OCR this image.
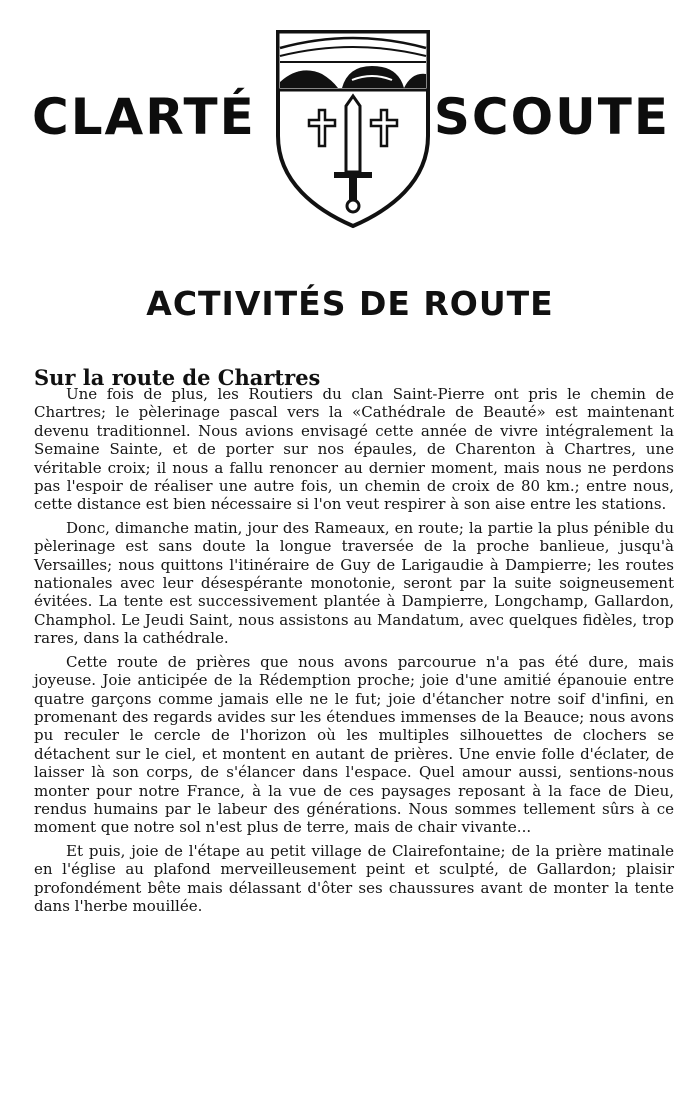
CLARTÉ	SCOUTE
ACTIVITÉS DE ROUTE
Sur la route de Chartres

Une fois de plus, les Routiers du clan Saint-Pierre ont pris le chemin de Chartres; le pèlerinage pascal vers la «Cathédrale de Beauté» est maintenant devenu traditionnel. Nous avions envisagé cette année de vivre intégralement la Semaine Sainte, et de porter sur nos épaules, de Charenton à Chartres, une véritable croix; il nous a fallu renoncer au dernier moment, mais nous ne perdons pas l'espoir de réaliser une autre fois, un chemin de croix de 80 km.; entre nous, cette distance est bien nécessaire si l'on veut respirer à son aise entre les stations.

Donc, dimanche matin, jour des Rameaux, en route; la partie la plus pénible du pèlerinage est sans doute la longue traversée de la proche banlieue, jusqu'à Versailles; nous quittons l'itinéraire de Guy de Larigaudie à Dampierre; les routes nationales avec leur désespérante monotonie, seront par la suite soigneusement évitées. La tente est successivement plantée à Dampierre, Longchamp, Gallardon, Champhol. Le Jeudi Saint, nous assistons au Mandatum, avec quelques fidèles, trop rares, dans la cathédrale.

Cette route de prières que nous avons parcourue n'a pas été dure, mais joyeuse. Joie anticipée de la Rédemption proche; joie d'une amitié épanouie entre quatre garçons comme jamais elle ne le fut; joie d'étancher notre soif d'infini, en promenant des regards avides sur les étendues immenses de la Beauce; nous avons pu reculer le cercle de l'horizon où les multiples silhouettes de clochers se détachent sur le ciel, et montent en autant de prières. Une envie folle d'éclater, de laisser là son corps, de s'élancer dans l'espace. Quel amour aussi, sentions-nous monter pour notre France, à la vue de ces paysages reposant à la face de Dieu, rendus humains par le labeur des générations. Nous sommes tellement sûrs à ce moment que notre sol n'est plus de terre, mais de chair vivante...

Et puis, joie de l'étape au petit village de Clairefontaine; de la prière matinale en l'église au plafond merveilleusement peint et sculpté, de Gallardon; plaisir profondément bête mais délassant d'ôter ses chaussures avant de monter la tente dans l'herbe mouillée.
